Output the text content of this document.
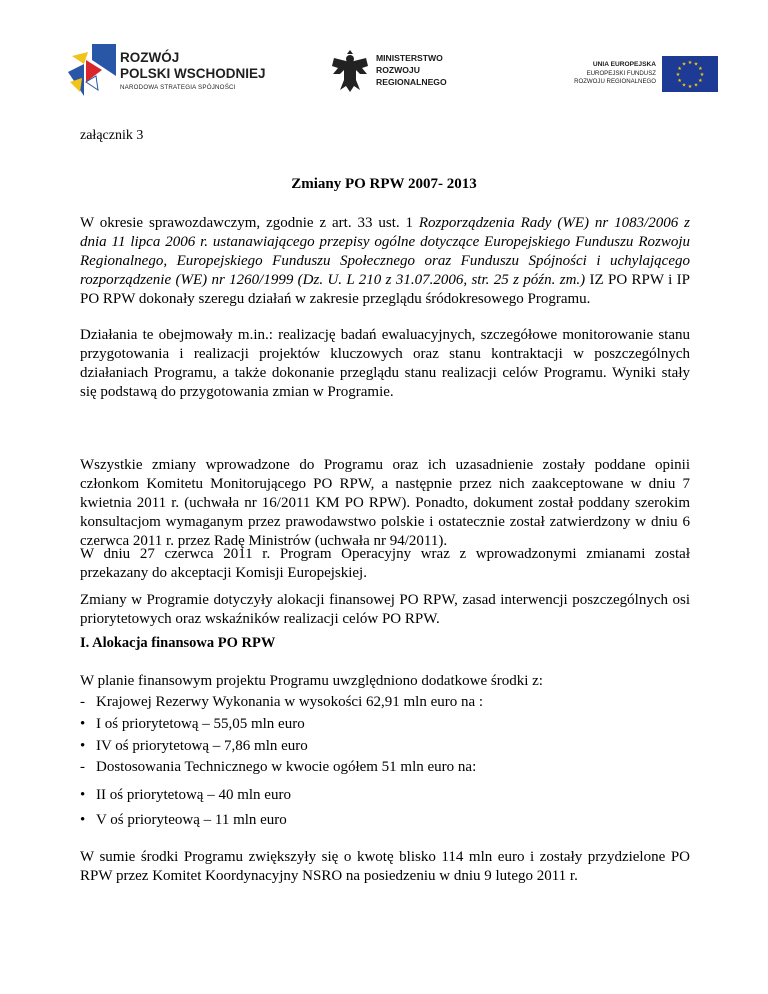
ROZWÓJ
POLSKI WSCHODNIEJ
NARODOWA STRATEGIA SPÓJNOŚCI
MINISTERSTWO
ROZWOJU
REGIONALNEGO
UNIA EUROPEJSKA
EUROPEJSKI FUNDUSZ
ROZWOJU REGIONALNEGO
★ ★
★
★
★
★
★
★
★
★
★
★
załącznik 3
Zmiany PO RPW 2007- 2013
W okresie sprawozdawczym, zgodnie z art. 33 ust. 1 Rozporządzenia Rady (WE) nr 1083/2006 z dnia 11 lipca 2006 r. ustanawiającego przepisy ogólne dotyczące Europejskiego Funduszu Rozwoju Regionalnego, Europejskiego Funduszu Społecznego oraz Funduszu Spójności i uchylającego rozporządzenie (WE) nr 1260/1999 (Dz. U. L 210 z 31.07.2006, str. 25 z późn. zm.) IZ PO RPW i IP PO RPW dokonały szeregu działań w zakresie przeglądu śródokresowego Programu.
Działania te obejmowały m.in.: realizację badań ewaluacyjnych, szczegółowe monitorowanie stanu przygotowania i realizacji projektów kluczowych oraz stanu kontraktacji w poszczególnych działaniach Programu, a także dokonanie przeglądu stanu realizacji celów Programu. Wyniki stały się podstawą do przygotowania zmian w Programie.
Wszystkie zmiany wprowadzone do Programu oraz ich uzasadnienie zostały poddane opinii członkom Komitetu Monitorującego PO RPW, a następnie przez nich zaakceptowane w dniu 7 kwietnia 2011 r. (uchwała nr 16/2011 KM PO RPW). Ponadto, dokument został poddany szerokim konsultacjom wymaganym przez prawodawstwo polskie i ostatecznie został zatwierdzony w dniu 6 czerwca 2011 r. przez Radę Ministrów (uchwała nr 94/2011).
W dniu 27 czerwca 2011 r. Program Operacyjny wraz z wprowadzonymi zmianami został przekazany do akceptacji Komisji Europejskiej.
Zmiany w Programie dotyczyły alokacji finansowej PO RPW, zasad interwencji poszczególnych osi priorytetowych oraz wskaźników realizacji celów PO RPW.
I. Alokacja finansowa PO RPW
W planie finansowym projektu Programu uwzględniono dodatkowe środki z:
- Krajowej Rezerwy Wykonania w wysokości 62,91 mln euro na :
• I oś priorytetową – 55,05 mln euro
• IV oś priorytetową – 7,86 mln euro
- Dostosowania Technicznego w kwocie ogółem 51 mln euro na:
• II oś priorytetową – 40 mln euro
• V oś prioryteową – 11 mln euro
W sumie środki Programu zwiększyły się o kwotę blisko 114 mln euro i zostały przydzielone PO RPW przez Komitet Koordynacyjny NSRO na posiedzeniu w dniu 9 lutego 2011 r.
